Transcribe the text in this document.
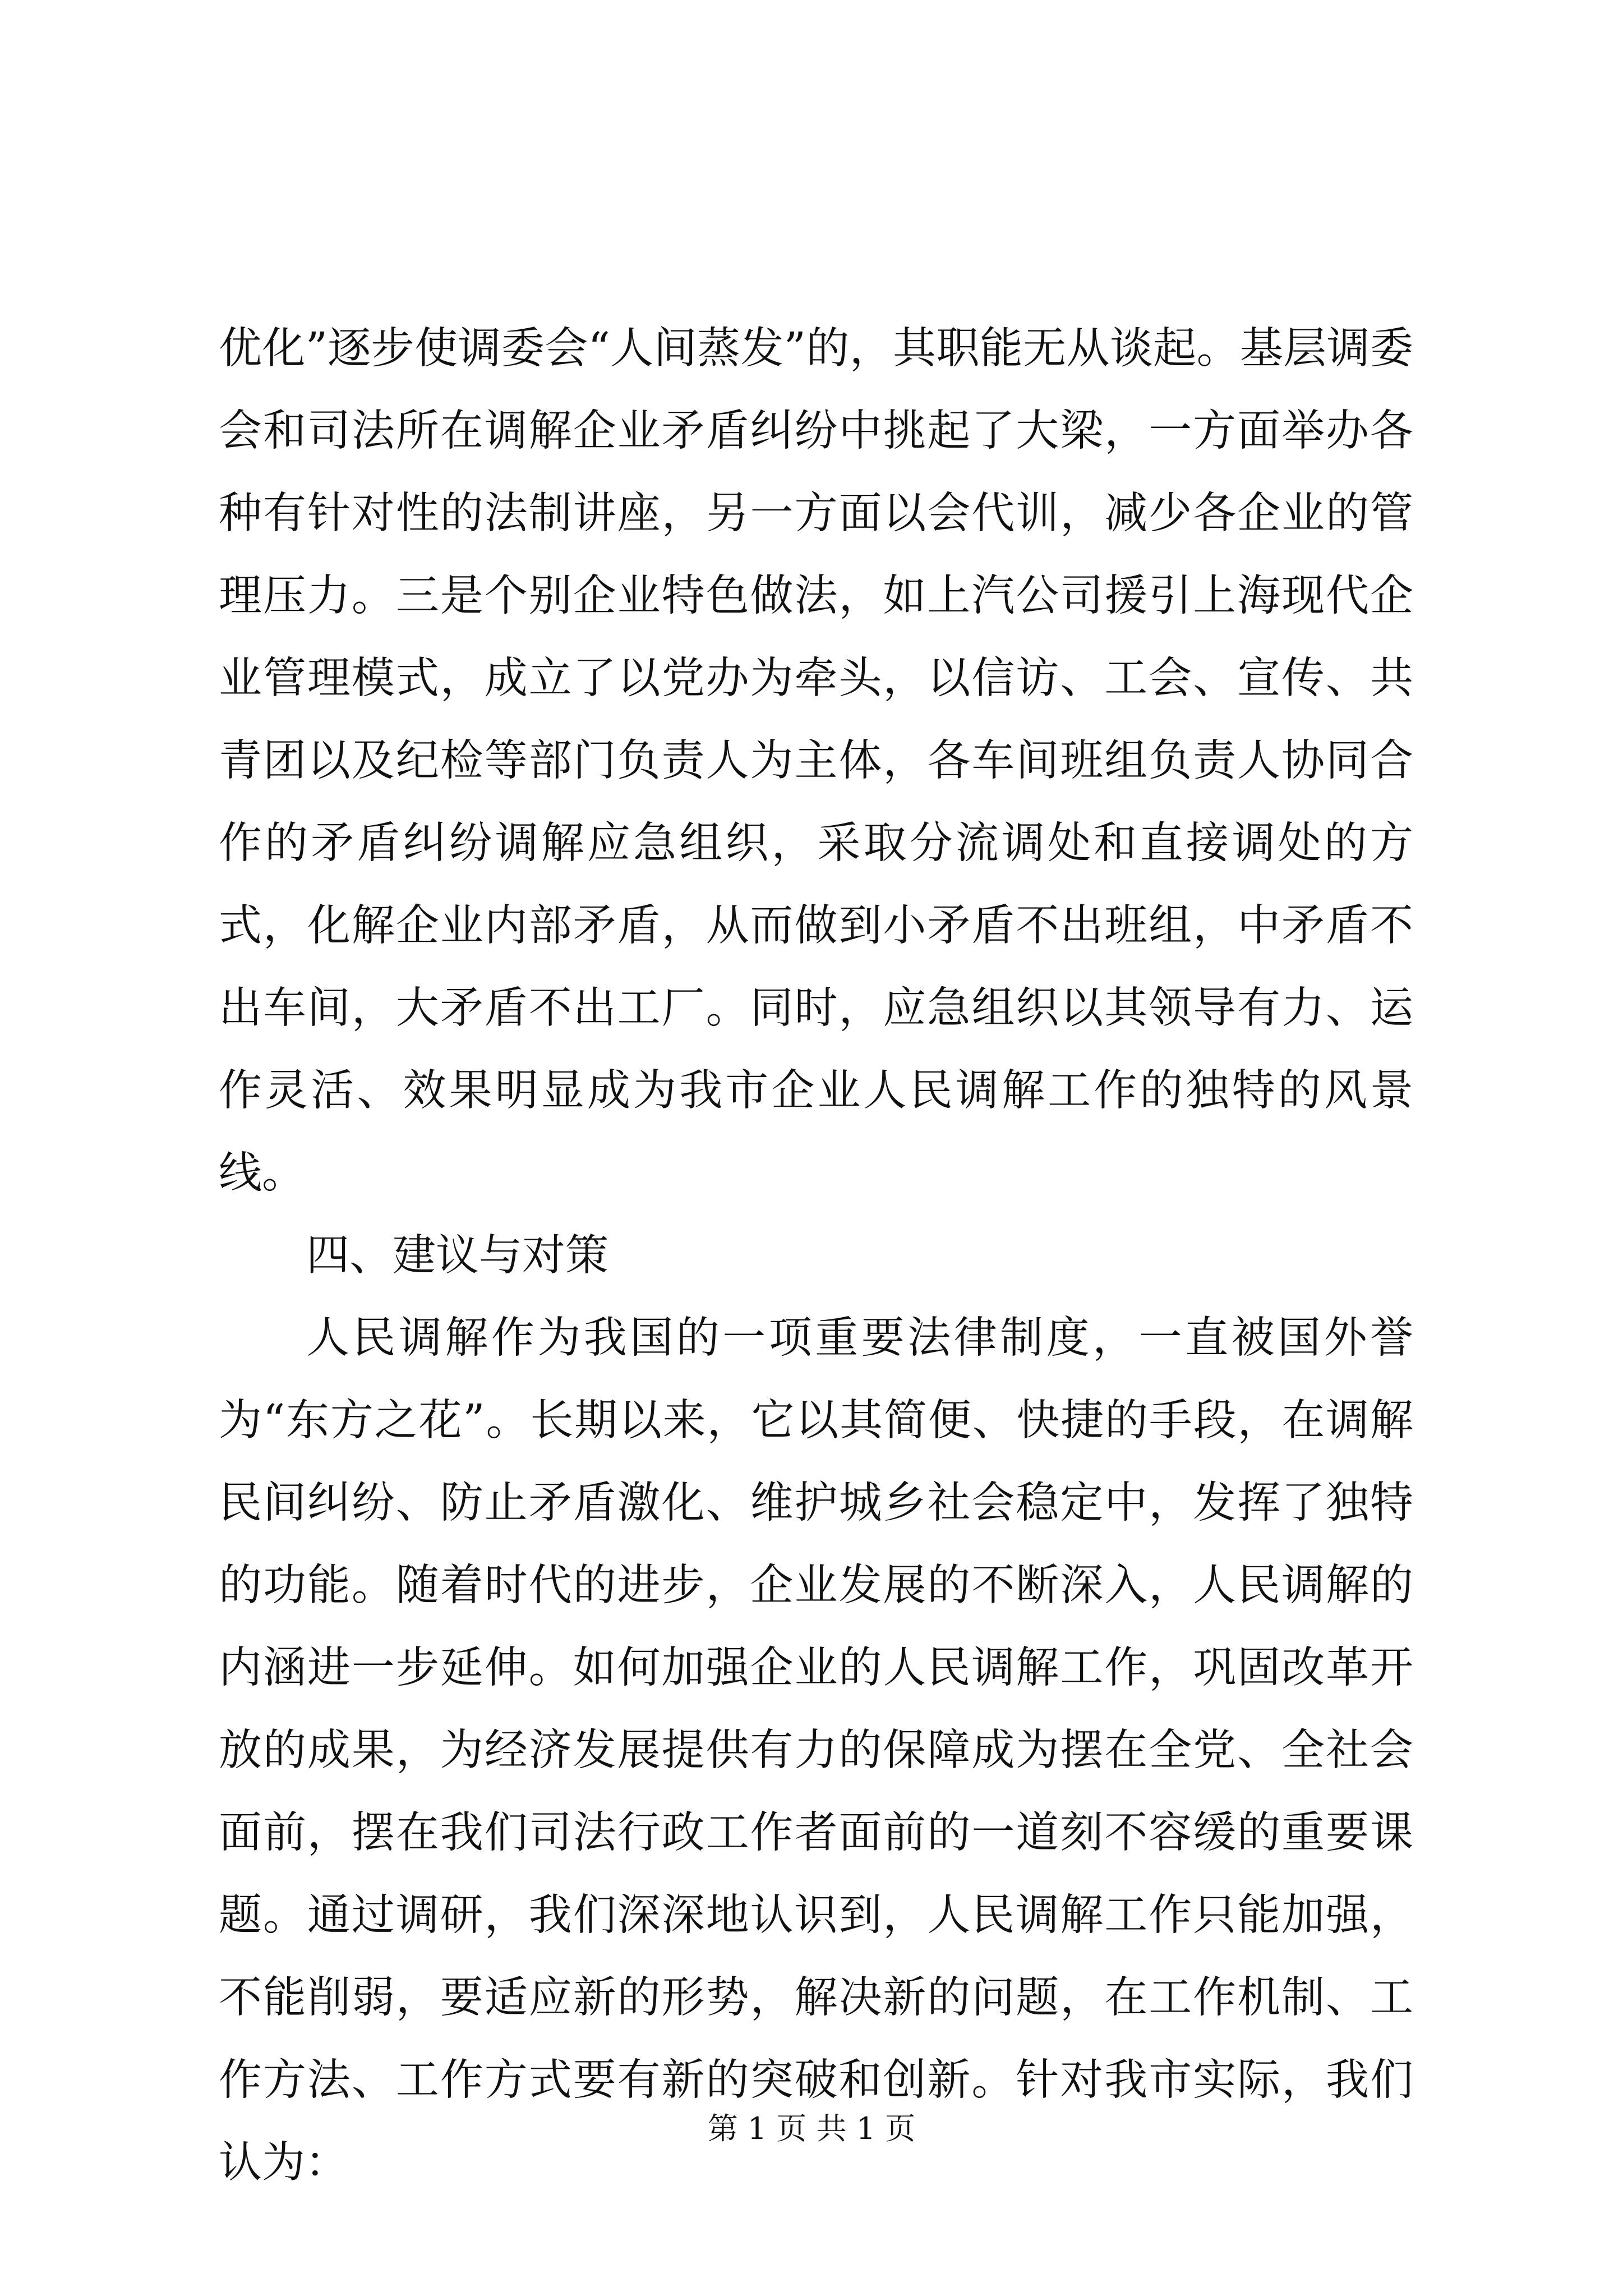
优化”逐步使调委会“人间蒸发”的，其职能无从谈起。基层调委会和司法所在调解企业矛盾纠纷中挑起了大梁，一方面举办各种有针对性的法制讲座，另一方面以会代训，减少各企业的管理压力。三是个别企业特色做法，如上汽公司援引上海现代企业管理模式，成立了以党办为牵头，以信访、工会、宣传、共青团以及纪检等部门负责人为主体，各车间班组负责人协同合作的矛盾纠纷调解应急组织，采取分流调处和直接调处的方式，化解企业内部矛盾，从而做到小矛盾不出班组，中矛盾不出车间，大矛盾不出工厂。同时，应急组织以其领导有力、运作灵活、效果明显成为我市企业人民调解工作的独特的风景线。

四、建议与对策

人民调解作为我国的一项重要法律制度，一直被国外誉为“东方之花”。长期以来，它以其简便、快捷的手段，在调解民间纠纷、防止矛盾激化、维护城乡社会稳定中，发挥了独特的功能。随着时代的进步，企业发展的不断深入，人民调解的内涵进一步延伸。如何加强企业的人民调解工作，巩固改革开放的成果，为经济发展提供有力的保障成为摆在全党、全社会面前，摆在我们司法行政工作者面前的一道刻不容缓的重要课题。通过调研，我们深深地认识到，人民调解工作只能加强，不能削弱，要适应新的形势，解决新的问题，在工作机制、工作方法、工作方式要有新的突破和创新。针对我市实际，我们认为：

第 1 页 共 1 页
